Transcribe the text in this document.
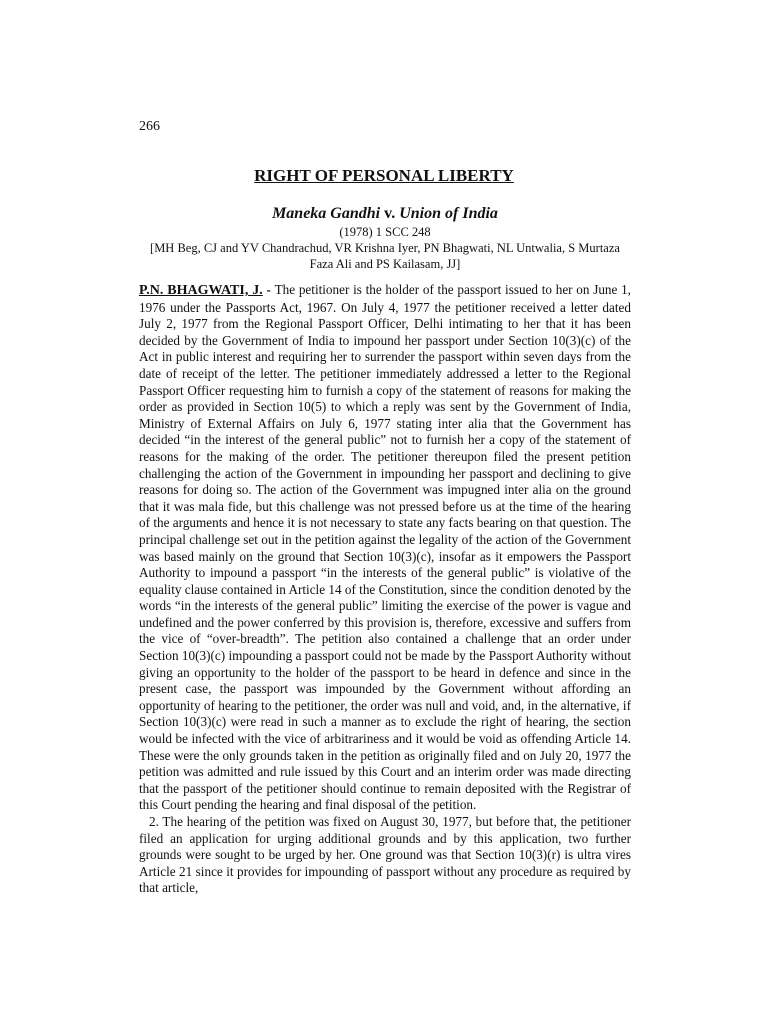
266
RIGHT OF PERSONAL LIBERTY
Maneka Gandhi v. Union of India
(1978) 1 SCC 248
[MH Beg, CJ and YV Chandrachud, VR Krishna Iyer, PN Bhagwati, NL Untwalia, S Murtaza Faza Ali and PS Kailasam, JJ]

P.N. BHAGWATI, J. - The petitioner is the holder of the passport issued to her on June 1, 1976 under the Passports Act, 1967. On July 4, 1977 the petitioner received a letter dated July 2, 1977 from the Regional Passport Officer, Delhi intimating to her that it has been decided by the Government of India to impound her passport under Section 10(3)(c) of the Act in public interest and requiring her to surrender the passport within seven days from the date of receipt of the letter. The petitioner immediately addressed a letter to the Regional Passport Officer requesting him to furnish a copy of the statement of reasons for making the order as provided in Section 10(5) to which a reply was sent by the Government of India, Ministry of External Affairs on July 6, 1977 stating inter alia that the Government has decided “in the interest of the general public” not to furnish her a copy of the statement of reasons for the making of the order. The petitioner thereupon filed the present petition challenging the action of the Government in impounding her passport and declining to give reasons for doing so. The action of the Government was impugned inter alia on the ground that it was mala fide, but this challenge was not pressed before us at the time of the hearing of the arguments and hence it is not necessary to state any facts bearing on that question. The principal challenge set out in the petition against the legality of the action of the Government was based mainly on the ground that Section 10(3)(c), insofar as it empowers the Passport Authority to impound a passport “in the interests of the general public” is violative of the equality clause contained in Article 14 of the Constitution, since the condition denoted by the words “in the interests of the general public” limiting the exercise of the power is vague and undefined and the power conferred by this provision is, therefore, excessive and suffers from the vice of “over-breadth”. The petition also contained a challenge that an order under Section 10(3)(c) impounding a passport could not be made by the Passport Authority without giving an opportunity to the holder of the passport to be heard in defence and since in the present case, the passport was impounded by the Government without affording an opportunity of hearing to the petitioner, the order was null and void, and, in the alternative, if Section 10(3)(c) were read in such a manner as to exclude the right of hearing, the section would be infected with the vice of arbitrariness and it would be void as offending Article 14. These were the only grounds taken in the petition as originally filed and on July 20, 1977 the petition was admitted and rule issued by this Court and an interim order was made directing that the passport of the petitioner should continue to remain deposited with the Registrar of this Court pending the hearing and final disposal of the petition.

2. The hearing of the petition was fixed on August 30, 1977, but before that, the petitioner filed an application for urging additional grounds and by this application, two further grounds were sought to be urged by her. One ground was that Section 10(3)(r) is ultra vires Article 21 since it provides for impounding of passport without any procedure as required by that article,
